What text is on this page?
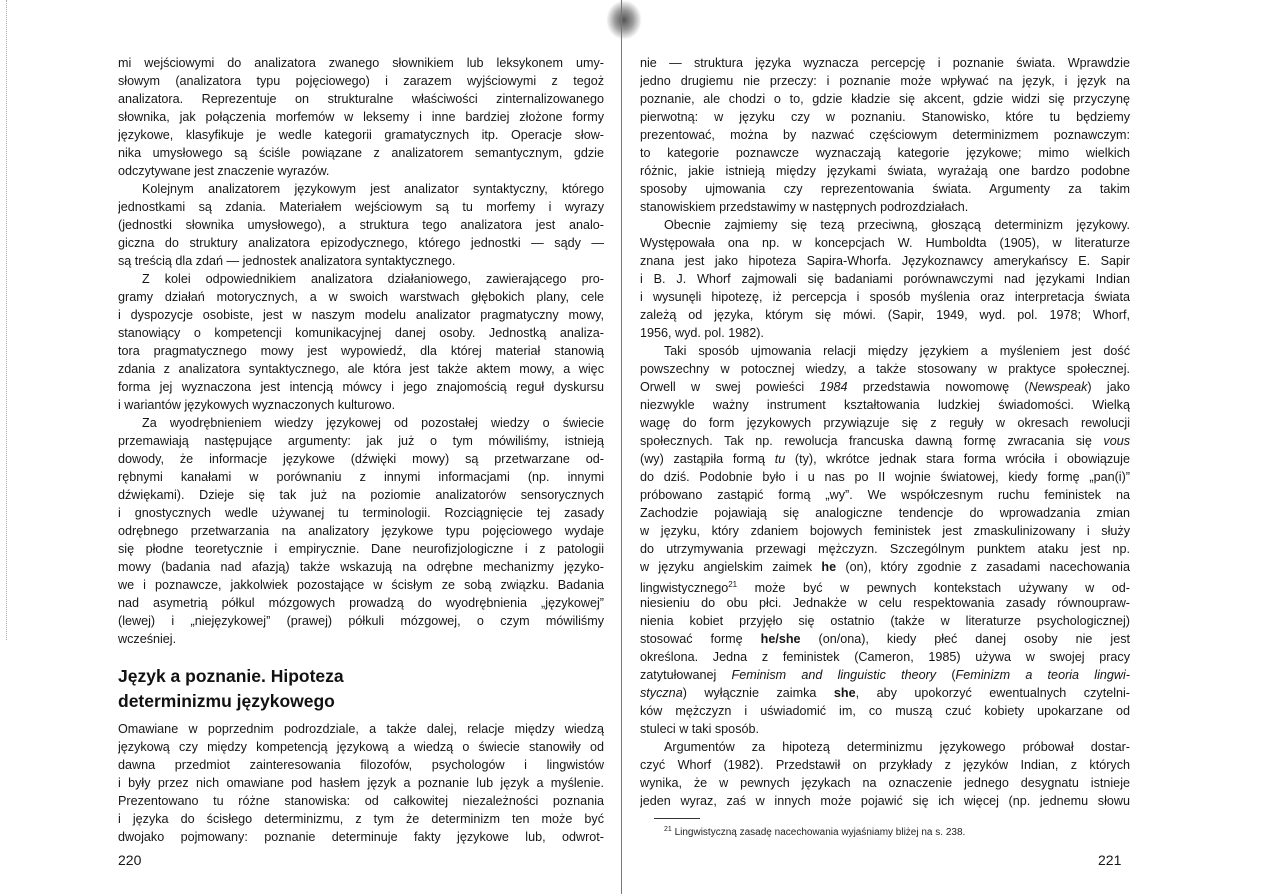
mi wejściowymi do analizatora zwanego słownikiem lub leksykonem umy-
słowym (analizatora typu pojęciowego) i zarazem wyjściowymi z tegoż
analizatora. Reprezentuje on strukturalne właściwości zinternalizowanego
słownika, jak połączenia morfemów w leksemy i inne bardziej złożone formy
językowe, klasyfikuje je wedle kategorii gramatycznych itp. Operacje słow-
nika umysłowego są ściśle powiązane z analizatorem semantycznym, gdzie
odczytywane jest znaczenie wyrazów.
Kolejnym analizatorem językowym jest analizator syntaktyczny, którego
jednostkami są zdania. Materiałem wejściowym są tu morfemy i wyrazy
(jednostki słownika umysłowego), a struktura tego analizatora jest analo-
giczna do struktury analizatora epizodycznego, którego jednostki — sądy —
są treścią dla zdań — jednostek analizatora syntaktycznego.
Z kolei odpowiednikiem analizatora działaniowego, zawierającego pro-
gramy działań motorycznych, a w swoich warstwach głębokich plany, cele
i dyspozycje osobiste, jest w naszym modelu analizator pragmatyczny mowy,
stanowiący o kompetencji komunikacyjnej danej osoby. Jednostką analiza-
tora pragmatycznego mowy jest wypowiedź, dla której materiał stanowią
zdania z analizatora syntaktycznego, ale która jest także aktem mowy, a więc
forma jej wyznaczona jest intencją mówcy i jego znajomością reguł dyskursu
i wariantów językowych wyznaczonych kulturowo.
Za wyodrębnieniem wiedzy językowej od pozostałej wiedzy o świecie
przemawiają następujące argumenty: jak już o tym mówiliśmy, istnieją
dowody, że informacje językowe (dźwięki mowy) są przetwarzane od-
rębnymi kanałami w porównaniu z innymi informacjami (np. innymi
dźwiękami). Dzieje się tak już na poziomie analizatorów sensorycznych
i gnostycznych wedle używanej tu terminologii. Rozciągnięcie tej zasady
odrębnego przetwarzania na analizatory językowe typu pojęciowego wydaje
się płodne teoretycznie i empirycznie. Dane neurofizjologiczne i z patologii
mowy (badania nad afazją) także wskazują na odrębne mechanizmy języko-
we i poznawcze, jakkolwiek pozostające w ścisłym ze sobą związku. Badania
nad asymetrią półkul mózgowych prowadzą do wyodrębnienia „językowej”
(lewej) i „niejęzykowej” (prawej) półkuli mózgowej, o czym mówiliśmy
wcześniej.
Język a poznanie. Hipoteza
determinizmu językowego
Omawiane w poprzednim podrozdziale, a także dalej, relacje między wiedzą
językową czy między kompetencją językową a wiedzą o świecie stanowiły od
dawna przedmiot zainteresowania filozofów, psychologów i lingwistów
i były przez nich omawiane pod hasłem język a poznanie lub język a myślenie.
Prezentowano tu różne stanowiska: od całkowitej niezależności poznania
i języka do ścisłego determinizmu, z tym że determinizm ten może być
dwojako pojmowany: poznanie determinuje fakty językowe lub, odwrot-
220
nie — struktura języka wyznacza percepcję i poznanie świata. Wprawdzie
jedno drugiemu nie przeczy: i poznanie może wpływać na język, i język na
poznanie, ale chodzi o to, gdzie kładzie się akcent, gdzie widzi się przyczynę
pierwotną: w języku czy w poznaniu. Stanowisko, które tu będziemy
prezentować, można by nazwać częściowym determinizmem poznawczym:
to kategorie poznawcze wyznaczają kategorie językowe; mimo wielkich
różnic, jakie istnieją między językami świata, wyrażają one bardzo podobne
sposoby ujmowania czy reprezentowania świata. Argumenty za takim
stanowiskiem przedstawimy w następnych podrozdziałach.
Obecnie zajmiemy się tezą przeciwną, głoszącą determinizm językowy.
Występowała ona np. w koncepcjach W. Humboldta (1905), w literaturze
znana jest jako hipoteza Sapira-Whorfa. Językoznawcy amerykańscy E. Sapir
i B. J. Whorf zajmowali się badaniami porównawczymi nad językami Indian
i wysunęli hipotezę, iż percepcja i sposób myślenia oraz interpretacja świata
zależą od języka, którym się mówi. (Sapir, 1949, wyd. pol. 1978; Whorf,
1956, wyd. pol. 1982).
Taki sposób ujmowania relacji między językiem a myśleniem jest dość
powszechny w potocznej wiedzy, a także stosowany w praktyce społecznej.
Orwell w swej powieści 1984 przedstawia nowomowę (Newspeak) jako
niezwykle ważny instrument kształtowania ludzkiej świadomości. Wielką
wagę do form językowych przywiązuje się z reguły w okresach rewolucji
społecznych. Tak np. rewolucja francuska dawną formę zwracania się vous
(wy) zastąpiła formą tu (ty), wkrótce jednak stara forma wróciła i obowiązuje
do dziś. Podobnie było i u nas po II wojnie światowej, kiedy formę „pan(i)”
próbowano zastąpić formą „wy”. We współczesnym ruchu feministek na
Zachodzie pojawiają się analogiczne tendencje do wprowadzania zmian
w języku, który zdaniem bojowych feministek jest zmaskulinizowany i służy
do utrzymywania przewagi mężczyzn. Szczególnym punktem ataku jest np.
w języku angielskim zaimek he (on), który zgodnie z zasadami nacechowania
lingwistycznego$^{21}$ może być w pewnych kontekstach używany w od-
niesieniu do obu płci. Jednakże w celu respektowania zasady równoupraw-
nienia kobiet przyjęło się ostatnio (także w literaturze psychologicznej)
stosować formę he/she (on/ona), kiedy płeć danej osoby nie jest
określona. Jedna z feministek (Cameron, 1985) używa w swojej pracy
zatytułowanej Feminism and linguistic theory (Feminizm a teoria lingwi-
styczna) wyłącznie zaimka she, aby upokorzyć ewentualnych czytelni-
ków mężczyzn i uświadomić im, co muszą czuć kobiety upokarzane od
stuleci w taki sposób.
Argumentów za hipotezą determinizmu językowego próbował dostar-
czyć Whorf (1982). Przedstawił on przykłady z języków Indian, z których
wynika, że w pewnych językach na oznaczenie jednego desygnatu istnieje
jeden wyraz, zaś w innych może pojawić się ich więcej (np. jednemu słowu
$^{21}$ Lingwistyczną zasadę nacechowania wyjaśniamy bliżej na s. 238.
221
